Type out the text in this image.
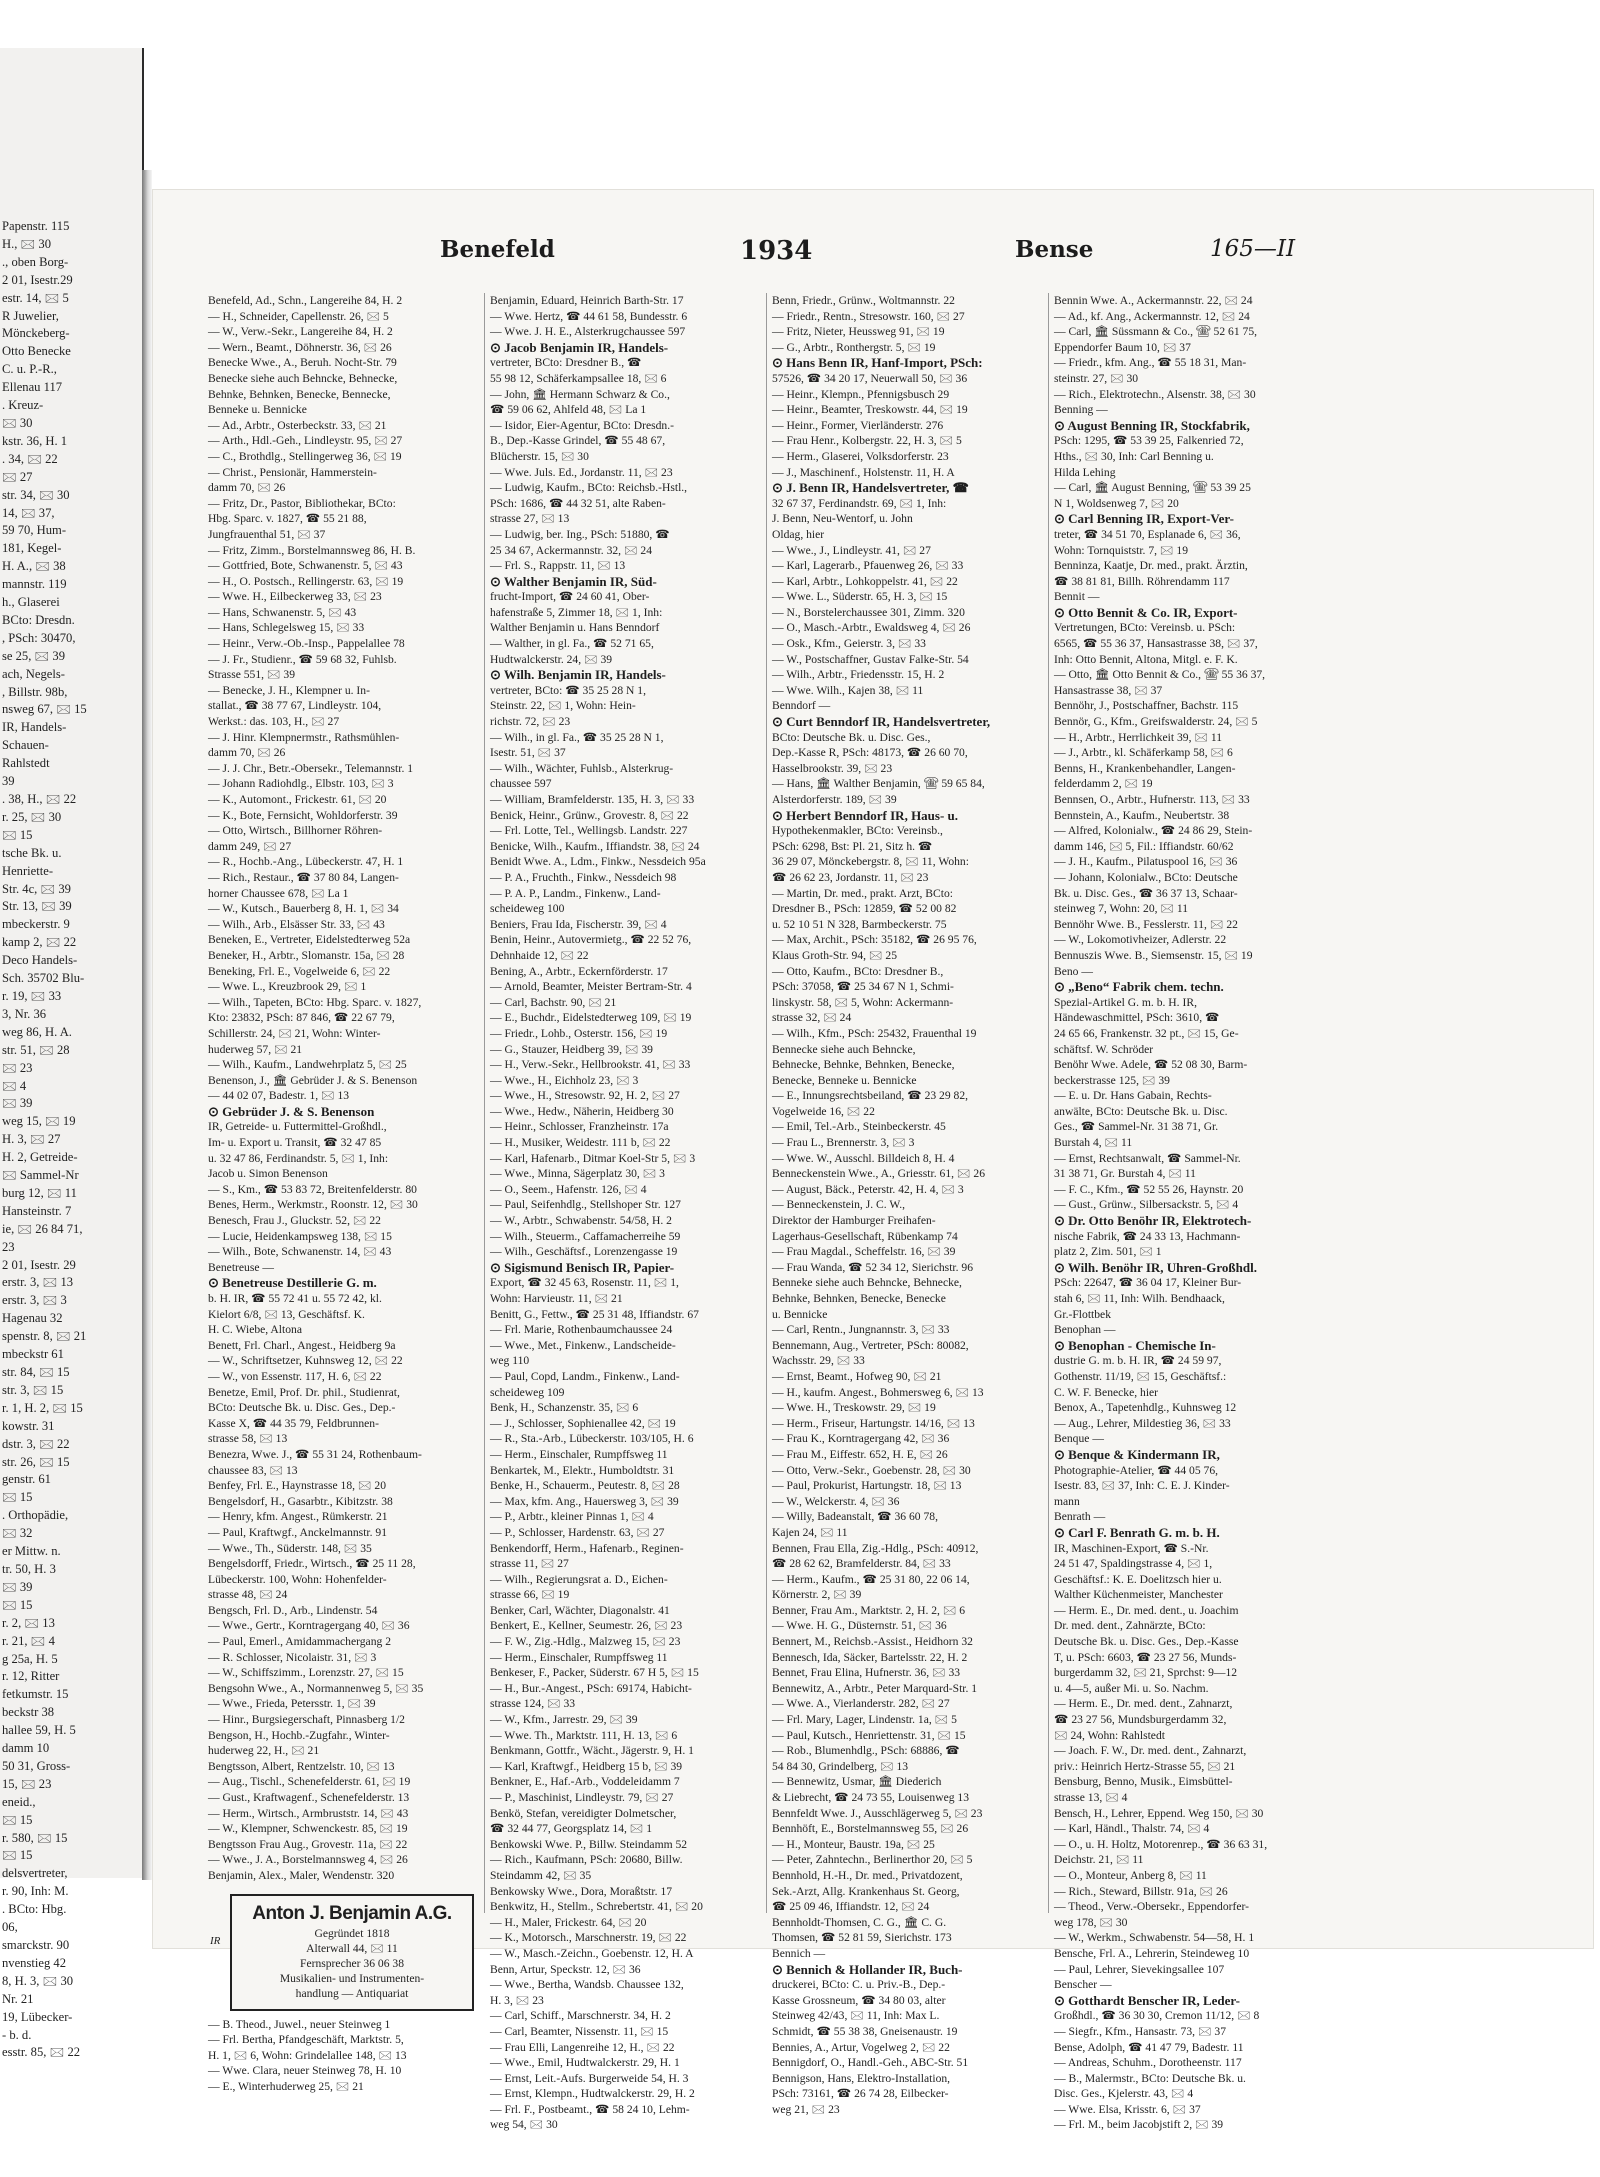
Papenstr. 115
H., 🖂 30
., oben Borg-
2 01, Isestr.29
estr. 14, 🖂 5
R Juwelier,
Mönckeberg-
Otto Benecke
C. u. P.-R.,
Ellenau 117
. Kreuz-
🖂 30
kstr. 36, H. 1
. 34, 🖂 22
🖂 27
str. 34, 🖂 30
14, 🖂 37,
59 70, Hum-
181, Kegel-
H. A., 🖂 38
mannstr. 119
h., Glaserei
BCto: Dresdn.
, PSch: 30470,
se 25, 🖂 39
ach, Negels-
, Billstr. 98b,
nsweg 67, 🖂 15
IR, Handels-
Schauen-
Rahlstedt
39
. 38, H., 🖂 22
r. 25, 🖂 30
🖂 15
tsche Bk. u.
Henriette-
Str. 4c, 🖂 39
Str. 13, 🖂 39
mbeckerstr. 9
kamp 2, 🖂 22
Deco Handels-
Sch. 35702 Blu-
r. 19, 🖂 33
3, Nr. 36
weg 86, H. A.
str. 51, 🖂 28
🖂 23
🖂 4
🖂 39
weg 15, 🖂 19
H. 3, 🖂 27
H. 2, Getreide-
🖂 Sammel-Nr
burg 12, 🖂 11
Hansteinstr. 7
ie, 🖂 26 84 71,
23
2 01, Isestr. 29
erstr. 3, 🖂 13
erstr. 3, 🖂 3
Hagenau 32
spenstr. 8, 🖂 21
mbeckstr 61
str. 84, 🖂 15
str. 3, 🖂 15
r. 1, H. 2, 🖂 15
kowstr. 31
dstr. 3, 🖂 22
str. 26, 🖂 15
genstr. 61
🖂 15
. Orthopädie,
🖂 32
er Mittw. n.
tr. 50, H. 3
🖂 39
🖂 15
r. 2, 🖂 13
r. 21, 🖂 4
g 25a, H. 5
r. 12, Ritter
fetkumstr. 15
beckstr 38
hallee 59, H. 5
damm 10
50 31, Gross-
15, 🖂 23
eneid.,
🖂 15
r. 580, 🖂 15
🖂 15
delsvertreter,
r. 90, Inh: M.
. BCto: Hbg.
06,
smarckstr. 90
nvenstieg 42
8, H. 3, 🖂 30
Nr. 21
19, Lübecker-
- b. d.
esstr. 85, 🖂 22
Benefeld	1934	Bense	165—II
Benefeld, Ad., Schn., Langereihe 84, H. 2
— H., Schneider, Capellenstr. 26, 🖂 5
— W., Verw.-Sekr., Langereihe 84, H. 2
— Wern., Beamt., Döhnerstr. 36, 🖂 26
Benecke Wwe., A., Beruh. Nocht-Str. 79
Benecke siehe auch Behncke, Behnecke,
Behnke, Behnken, Benecke, Bennecke,
Benneke u. Bennicke
— Ad., Arbtr., Osterbeckstr. 33, 🖂 21
— Arth., Hdl.-Geh., Lindleystr. 95, 🖂 27
— C., Brothdlg., Stellingerweg 36, 🖂 19
— Christ., Pensionär, Hammerstein-
damm 70, 🖂 26
— Fritz, Dr., Pastor, Bibliothekar, BCto:
Hbg. Sparc. v. 1827, ☎ 55 21 88,
Jungfrauenthal 51, 🖂 37
— Fritz, Zimm., Borstelmannsweg 86, H. B.
— Gottfried, Bote, Schwanenstr. 5, 🖂 43
— H., O. Postsch., Rellingerstr. 63, 🖂 19
— Wwe. H., Eilbeckerweg 33, 🖂 23
— Hans, Schwanenstr. 5, 🖂 43
— Hans, Schlegelsweg 15, 🖂 33
— Heinr., Verw.-Ob.-Insp., Pappelallee 78
— J. Fr., Studienr., ☎ 59 68 32, Fuhlsb.
Strasse 551, 🖂 39
— Benecke, J. H., Klempner u. In-
stallat., ☎ 38 77 67, Lindleystr. 104,
Werkst.: das. 103, H., 🖂 27
— J. Hinr. Klempnermstr., Rathsmühlen-
damm 70, 🖂 26
— J. J. Chr., Betr.-Obersekr., Telemannstr. 1
— Johann Radiohdlg., Elbstr. 103, 🖂 3
— K., Automont., Frickestr. 61, 🖂 20
— K., Bote, Fernsicht, Wohldorferstr. 39
— Otto, Wirtsch., Billhorner Röhren-
damm 249, 🖂 27
— R., Hochb.-Ang., Lübeckerstr. 47, H. 1
— Rich., Restaur., ☎ 37 80 84, Langen-
horner Chaussee 678, 🖂 La 1
— W., Kutsch., Bauerberg 8, H. 1, 🖂 34
— Wilh., Arb., Elsässer Str. 33, 🖂 43
Beneken, E., Vertreter, Eidelstedterweg 52a
Beneker, H., Arbtr., Slomanstr. 15a, 🖂 28
Beneking, Frl. E., Vogelweide 6, 🖂 22
— Wwe. L., Kreuzbrook 29, 🖂 1
— Wilh., Tapeten, BCto: Hbg. Sparc. v. 1827,
Kto: 23832, PSch: 87 846, ☎ 22 67 79,
Schillerstr. 24, 🖂 21, Wohn: Winter-
huderweg 57, 🖂 21
— Wilh., Kaufm., Landwehrplatz 5, 🖂 25
Benenson, J., 🏛 Gebrüder J. & S. Benenson
— 44 02 07, Badestr. 1, 🖂 13
⊙ Gebrüder J. & S. Benenson
IR, Getreide- u. Futtermittel-Großhdl.,
Im- u. Export u. Transit, ☎ 32 47 85
u. 32 47 86, Ferdinandstr. 5, 🖂 1, Inh:
Jacob u. Simon Benenson
— S., Km., ☎ 53 83 72, Breitenfelderstr. 80
Benes, Herm., Werkmstr., Roonstr. 12, 🖂 30
Benesch, Frau J., Gluckstr. 52, 🖂 22
— Lucie, Heidenkampsweg 138, 🖂 15
— Wilh., Bote, Schwanenstr. 14, 🖂 43
Benetreuse —
⊙ Benetreuse Destillerie G. m.
b. H. IR, ☎ 55 72 41 u. 55 72 42, kl.
Kielort 6/8, 🖂 13, Geschäftsf. K.
H. C. Wiebe, Altona
Benett, Frl. Charl., Angest., Heidberg 9a
— W., Schriftsetzer, Kuhnsweg 12, 🖂 22
— W., von Essenstr. 117, H. 6, 🖂 22
Benetze, Emil, Prof. Dr. phil., Studienrat,
BCto: Deutsche Bk. u. Disc. Ges., Dep.-
Kasse X, ☎ 44 35 79, Feldbrunnen-
strasse 58, 🖂 13
Benezra, Wwe. J., ☎ 55 31 24, Rothenbaum-
chaussee 83, 🖂 13
Benfey, Frl. E., Haynstrasse 18, 🖂 20
Bengelsdorf, H., Gasarbtr., Kibitzstr. 38
— Henry, kfm. Angest., Rümkerstr. 21
— Paul, Kraftwgf., Anckelmannstr. 91
— Wwe., Th., Süderstr. 148, 🖂 35
Bengelsdorff, Friedr., Wirtsch., ☎ 25 11 28,
Lübeckerstr. 100, Wohn: Hohenfelder-
strasse 48, 🖂 24
Bengsch, Frl. D., Arb., Lindenstr. 54
— Wwe., Gertr., Korntragergang 40, 🖂 36
— Paul, Emerl., Amidammachergang 2
— R. Schlosser, Nicolaistr. 31, 🖂 3
— W., Schiffszimm., Lorenzstr. 27, 🖂 15
Bengsohn Wwe., A., Normannenweg 5, 🖂 35
— Wwe., Frieda, Petersstr. 1, 🖂 39
— Hinr., Burgsiegerschaft, Pinnasberg 1/2
Bengson, H., Hochb.-Zugfahr., Winter-
huderweg 22, H., 🖂 21
Bengtsson, Albert, Rentzelstr. 10, 🖂 13
— Aug., Tischl., Schenefelderstr. 61, 🖂 19
— Gust., Kraftwagenf., Schenefelderstr. 13
— Herm., Wirtsch., Armbruststr. 14, 🖂 43
— W., Klempner, Schwenckestr. 85, 🖂 19
Bengtsson Frau Aug., Grovestr. 11a, 🖂 22
— Wwe., J. A., Borstelmannsweg 4, 🖂 26
Benjamin, Alex., Maler, Wendenstr. 320
IR
Anton J. Benjamin A.G.
Gegründet 1818
Alterwall 44, 🖂 11
Fernsprecher 36 06 38
Musikalien- und Instrumenten-
handlung — Antiquariat
— B. Theod., Juwel., neuer Steinweg 1
— Frl. Bertha, Pfandgeschäft, Marktstr. 5,
H. 1, 🖂 6, Wohn: Grindelallee 148, 🖂 13
— Wwe. Clara, neuer Steinweg 78, H. 10
— E., Winterhuderweg 25, 🖂 21
Benjamin, Eduard, Heinrich Barth-Str. 17
— Wwe. Hertz, ☎ 44 61 58, Bundesstr. 6
— Wwe. J. H. E., Alsterkrugchaussee 597
⊙ Jacob Benjamin IR, Handels-
vertreter, BCto: Dresdner B., ☎
55 98 12, Schäferkampsallee 18, 🖂 6
— John, 🏛 Hermann Schwarz & Co.,
☎ 59 06 62, Ahlfeld 48, 🖂 La 1
— Isidor, Eier-Agentur, BCto: Dresdn.-
B., Dep.-Kasse Grindel, ☎ 55 48 67,
Blücherstr. 15, 🖂 30
— Wwe. Juls. Ed., Jordanstr. 11, 🖂 23
— Ludwig, Kaufm., BCto: Reichsb.-Hstl.,
PSch: 1686, ☎ 44 32 51, alte Raben-
strasse 27, 🖂 13
— Ludwig, ber. Ing., PSch: 51880, ☎
25 34 67, Ackermannstr. 32, 🖂 24
— Frl. S., Rappstr. 11, 🖂 13
⊙ Walther Benjamin IR, Süd-
frucht-Import, ☎ 24 60 41, Ober-
hafenstraße 5, Zimmer 18, 🖂 1, Inh:
Walther Benjamin u. Hans Benndorf
— Walther, in gl. Fa., ☎ 52 71 65,
Hudtwalckerstr. 24, 🖂 39
⊙ Wilh. Benjamin IR, Handels-
vertreter, BCto: ☎ 35 25 28 N 1,
Steinstr. 22, 🖂 1, Wohn: Hein-
richstr. 72, 🖂 23
— Wilh., in gl. Fa., ☎ 35 25 28 N 1,
Isestr. 51, 🖂 37
— Wilh., Wächter, Fuhlsb., Alsterkrug-
chaussee 597
— William, Bramfelderstr. 135, H. 3, 🖂 33
Benick, Heinr., Grünw., Grovestr. 8, 🖂 22
— Frl. Lotte, Tel., Wellingsb. Landstr. 227
Benicke, Wilh., Kaufm., Iffiandstr. 38, 🖂 24
Benidt Wwe. A., Ldm., Finkw., Nessdeich 95a
— P. A., Fruchth., Finkw., Nessdeich 98
— P. A. P., Landm., Finkenw., Land-
scheideweg 100
Beniers, Frau Ida, Fischerstr. 39, 🖂 4
Benin, Heinr., Autovermietg., ☎ 22 52 76,
Dehnhaide 12, 🖂 22
Bening, A., Arbtr., Eckernförderstr. 17
— Arnold, Beamter, Meister Bertram-Str. 4
— Carl, Bachstr. 90, 🖂 21
— E., Buchdr., Eidelstedterweg 109, 🖂 19
— Friedr., Lohb., Osterstr. 156, 🖂 19
— G., Stauzer, Heidberg 39, 🖂 39
— H., Verw.-Sekr., Hellbrookstr. 41, 🖂 33
— Wwe., H., Eichholz 23, 🖂 3
— Wwe., H., Stresowstr. 92, H. 2, 🖂 27
— Wwe., Hedw., Näherin, Heidberg 30
— Heinr., Schlosser, Franzheinstr. 17a
— H., Musiker, Weidestr. 111 b, 🖂 22
— Karl, Hafenarb., Ditmar Koel-Str 5, 🖂 3
— Wwe., Minna, Sägerplatz 30, 🖂 3
— O., Seem., Hafenstr. 126, 🖂 4
— Paul, Seifenhdlg., Stellshoper Str. 127
— W., Arbtr., Schwabenstr. 54/58, H. 2
— Wilh., Steuerm., Caffamacherreihe 59
— Wilh., Geschäftsf., Lorenzengasse 19
⊙ Sigismund Benisch IR, Papier-
Export, ☎ 32 45 63, Rosenstr. 11, 🖂 1,
Wohn: Harvieustr. 11, 🖂 21
Benitt, G., Fettw., ☎ 25 31 48, Iffiandstr. 67
— Frl. Marie, Rothenbaumchaussee 24
— Wwe., Met., Finkenw., Landscheide-
weg 110
— Paul, Copd, Landm., Finkenw., Land-
scheideweg 109
Benk, H., Schanzenstr. 35, 🖂 6
— J., Schlosser, Sophienallee 42, 🖂 19
— R., Sta.-Arb., Lübeckerstr. 103/105, H. 6
— Herm., Einschaler, Rumpffsweg 11
Benkartek, M., Elektr., Humboldtstr. 31
Benke, H., Schauerm., Peutestr. 8, 🖂 28
— Max, kfm. Ang., Hauersweg 3, 🖂 39
— P., Arbtr., kleiner Pinnas 1, 🖂 4
— P., Schlosser, Hardenstr. 63, 🖂 27
Benkendorff, Herm., Hafenarb., Reginen-
strasse 11, 🖂 27
— Wilh., Regierungsrat a. D., Eichen-
strasse 66, 🖂 19
Benker, Carl, Wächter, Diagonalstr. 41
Benkert, E., Kellner, Seumestr. 26, 🖂 23
— F. W., Zig.-Hdlg., Malzweg 15, 🖂 23
— Herm., Einschaler, Rumpffsweg 11
Benkeser, F., Packer, Süderstr. 67 H 5, 🖂 15
— H., Bur.-Angest., PSch: 69174, Habicht-
strasse 124, 🖂 33
— W., Kfm., Jarrestr. 29, 🖂 39
— Wwe. Th., Marktstr. 111, H. 13, 🖂 6
Benkmann, Gottfr., Wächt., Jägerstr. 9, H. 1
— Karl, Kraftwgf., Heidberg 15 b, 🖂 39
Benkner, E., Haf.-Arb., Voddeleidamm 7
— P., Maschinist, Lindleystr. 79, 🖂 27
Benkö, Stefan, vereidigter Dolmetscher,
☎ 32 44 77, Georgsplatz 14, 🖂 1
Benkowski Wwe. P., Billw. Steindamm 52
— Rich., Kaufmann, PSch: 20680, Billw.
Steindamm 42, 🖂 35
Benkowsky Wwe., Dora, Moraßtstr. 17
Benkwitz, H., Stellm., Schrebertstr. 41, 🖂 20
— H., Maler, Frickestr. 64, 🖂 20
— K., Motorsch., Marschnerstr. 19, 🖂 22
— W., Masch.-Zeichn., Goebenstr. 12, H. A
Benn, Artur, Speckstr. 12, 🖂 36
— Wwe., Bertha, Wandsb. Chaussee 132,
H. 3, 🖂 23
— Carl, Schiff., Marschnerstr. 34, H. 2
— Carl, Beamter, Nissenstr. 11, 🖂 15
— Frau Elli, Langenreihe 12, H., 🖂 22
— Wwe., Emil, Hudtwalckerstr. 29, H. 1
— Ernst, Leit.-Aufs. Burgerweide 54, H. 3
— Ernst, Klempn., Hudtwalckerstr. 29, H. 2
— Frl. F., Postbeamt., ☎ 58 24 10, Lehm-
weg 54, 🖂 30
Benn, Friedr., Grünw., Woltmannstr. 22
— Friedr., Rentn., Stresowstr. 160, 🖂 27
— Fritz, Nieter, Heussweg 91, 🖂 19
— G., Arbtr., Ronthergstr. 5, 🖂 19
⊙ Hans Benn IR, Hanf-Import, PSch:
57526, ☎ 34 20 17, Neuerwall 50, 🖂 36
— Heinr., Klempn., Pfennigsbusch 29
— Heinr., Beamter, Treskowstr. 44, 🖂 19
— Heinr., Former, Vierländerstr. 276
— Frau Henr., Kolbergstr. 22, H. 3, 🖂 5
— Herm., Glaserei, Volksdorferstr. 23
— J., Maschinenf., Holstenstr. 11, H. A
⊙ J. Benn IR, Handelsvertreter, ☎
32 67 37, Ferdinandstr. 69, 🖂 1, Inh:
J. Benn, Neu-Wentorf, u. John
Oldag, hier
— Wwe., J., Lindleystr. 41, 🖂 27
— Karl, Lagerarb., Pfauenweg 26, 🖂 33
— Karl, Arbtr., Lohkoppelstr. 41, 🖂 22
— Wwe. L., Süderstr. 65, H. 3, 🖂 15
— N., Borstelerchaussee 301, Zimm. 320
— O., Masch.-Arbtr., Ewaldsweg 4, 🖂 26
— Osk., Kfm., Geierstr. 3, 🖂 33
— W., Postschaffner, Gustav Falke-Str. 54
— Wilh., Arbtr., Friedensstr. 15, H. 2
— Wwe. Wilh., Kajen 38, 🖂 11
Benndorf —
⊙ Curt Benndorf IR, Handelsvertreter,
BCto: Deutsche Bk. u. Disc. Ges.,
Dep.-Kasse R, PSch: 48173, ☎ 26 60 70,
Hasselbrookstr. 39, 🖂 23
— Hans, 🏛 Walther Benjamin, ☎ 59 65 84,
Alsterdorferstr. 189, 🖂 39
⊙ Herbert Benndorf IR, Haus- u.
Hypothekenmakler, BCto: Vereinsb.,
PSch: 6298, Bst: Pl. 21, Sitz h. ☎
36 29 07, Mönckebergstr. 8, 🖂 11, Wohn:
☎ 26 62 23, Jordanstr. 11, 🖂 23
— Martin, Dr. med., prakt. Arzt, BCto:
Dresdner B., PSch: 12859, ☎ 52 00 82
u. 52 10 51 N 328, Barmbeckerstr. 75
— Max, Archit., PSch: 35182, ☎ 26 95 76,
Klaus Groth-Str. 94, 🖂 25
— Otto, Kaufm., BCto: Dresdner B.,
PSch: 37058, ☎ 25 34 67 N 1, Schmi-
linskystr. 58, 🖂 5, Wohn: Ackermann-
strasse 32, 🖂 24
— Wilh., Kfm., PSch: 25432, Frauenthal 19
Bennecke siehe auch Behncke,
Behnecke, Behnke, Behnken, Benecke,
Benecke, Benneke u. Bennicke
— E., Innungsrechtsbeiland, ☎ 23 29 82,
Vogelweide 16, 🖂 22
— Emil, Tel.-Arb., Steinbeckerstr. 45
— Frau L., Brennerstr. 3, 🖂 3
— Wwe. W., Ausschl. Billdeich 8, H. 4
Benneckenstein Wwe., A., Griesstr. 61, 🖂 26
— August, Bäck., Peterstr. 42, H. 4, 🖂 3
— Benneckenstein, J. C. W.,
Direktor der Hamburger Freihafen-
Lagerhaus-Gesellschaft, Rübenkamp 74
— Frau Magdal., Scheffelstr. 16, 🖂 39
— Frau Wanda, ☎ 52 34 12, Sierichstr. 96
Benneke siehe auch Behncke, Behnecke,
Behnke, Behnken, Benecke, Benecke
u. Bennicke
— Carl, Rentn., Jungnannstr. 3, 🖂 33
Bennemann, Aug., Vertreter, PSch: 80082,
Wachsstr. 29, 🖂 33
— Ernst, Beamt., Hofweg 90, 🖂 21
— H., kaufm. Angest., Bohmersweg 6, 🖂 13
— Wwe. H., Treskowstr. 29, 🖂 19
— Herm., Friseur, Hartungstr. 14/16, 🖂 13
— Frau K., Korntragergang 42, 🖂 36
— Frau M., Eiffestr. 652, H. E, 🖂 26
— Otto, Verw.-Sekr., Goebenstr. 28, 🖂 30
— Paul, Prokurist, Hartungstr. 18, 🖂 13
— W., Welckerstr. 4, 🖂 36
— Willy, Badeanstalt, ☎ 36 60 78,
Kajen 24, 🖂 11
Bennen, Frau Ella, Zig.-Hdlg., PSch: 40912,
☎ 28 62 62, Bramfelderstr. 84, 🖂 33
— Herm., Kaufm., ☎ 25 31 80, 22 06 14,
Körnerstr. 2, 🖂 39
Benner, Frau Am., Marktstr. 2, H. 2, 🖂 6
— Wwe. H. G., Düsternstr. 51, 🖂 36
Bennert, M., Reichsb.-Assist., Heidhorn 32
Bennesch, Ida, Säcker, Bartelsstr. 22, H. 2
Bennet, Frau Elina, Hufnerstr. 36, 🖂 33
Bennewitz, A., Arbtr., Peter Marquard-Str. 1
— Wwe. A., Vierlanderstr. 282, 🖂 27
— Frl. Mary, Lager, Lindenstr. 1a, 🖂 5
— Paul, Kutsch., Henriettenstr. 31, 🖂 15
— Rob., Blumenhdlg., PSch: 68886, ☎
54 84 30, Grindelberg, 🖂 13
— Bennewitz, Usmar, 🏛 Diederich
& Liebrecht, ☎ 24 73 55, Louisenweg 13
Bennfeldt Wwe. J., Ausschlägerweg 5, 🖂 23
Bennhöft, E., Borstelmannsweg 55, 🖂 26
— H., Monteur, Baustr. 19a, 🖂 25
— Peter, Zahntechn., Berlinerthor 20, 🖂 5
Bennhold, H.-H., Dr. med., Privatdozent,
Sek.-Arzt, Allg. Krankenhaus St. Georg,
☎ 25 09 46, Iffiandstr. 12, 🖂 24
Bennholdt-Thomsen, C. G., 🏛 C. G.
Thomsen, ☎ 52 81 59, Sierichstr. 173
Bennich —
⊙ Bennich & Hollander IR, Buch-
druckerei, BCto: C. u. Priv.-B., Dep.-
Kasse Grossneum, ☎ 34 80 03, alter
Steinweg 42/43, 🖂 11, Inh: Max L.
Schmidt, ☎ 55 38 38, Gneisenaustr. 19
Bennies, A., Artur, Vogelweg 2, 🖂 22
Bennigdorf, O., Handl.-Geh., ABC-Str. 51
Bennigson, Hans, Elektro-Installation,
PSch: 73161, ☎ 26 74 28, Eilbecker-
weg 21, 🖂 23
Bennin Wwe. A., Ackermannstr. 22, 🖂 24
— Ad., kf. Ang., Ackermannstr. 12, 🖂 24
— Carl, 🏛 Süssmann & Co., ☎ 52 61 75,
Eppendorfer Baum 10, 🖂 37
— Friedr., kfm. Ang., ☎ 55 18 31, Man-
steinstr. 27, 🖂 30
— Rich., Elektrotechn., Alsenstr. 38, 🖂 30
Benning —
⊙ August Benning IR, Stockfabrik,
PSch: 1295, ☎ 53 39 25, Falkenried 72,
Hths., 🖂 30, Inh: Carl Benning u.
Hilda Lehing
— Carl, 🏛 August Benning, ☎ 53 39 25
N 1, Woldsenweg 7, 🖂 20
⊙ Carl Benning IR, Export-Ver-
treter, ☎ 34 51 70, Esplanade 6, 🖂 36,
Wohn: Tornquiststr. 7, 🖂 19
Benninza, Kaatje, Dr. med., prakt. Ärztin,
☎ 38 81 81, Billh. Röhrendamm 117
Bennit —
⊙ Otto Bennit & Co. IR, Export-
Vertretungen, BCto: Vereinsb. u. PSch:
6565, ☎ 55 36 37, Hansastrasse 38, 🖂 37,
Inh: Otto Bennit, Altona, Mitgl. e. F. K.
— Otto, 🏛 Otto Bennit & Co., ☎ 55 36 37,
Hansastrasse 38, 🖂 37
Bennöhr, J., Postschaffner, Bachstr. 115
Bennör, G., Kfm., Greifswalderstr. 24, 🖂 5
— H., Arbtr., Herrlichkeit 39, 🖂 11
— J., Arbtr., kl. Schäferkamp 58, 🖂 6
Benns, H., Krankenbehandler, Langen-
felderdamm 2, 🖂 19
Bennsen, O., Arbtr., Hufnerstr. 113, 🖂 33
Bennstein, A., Kaufm., Neubertstr. 38
— Alfred, Kolonialw., ☎ 24 86 29, Stein-
damm 146, 🖂 5, Fil.: Iffiandstr. 60/62
— J. H., Kaufm., Pilatuspool 16, 🖂 36
— Johann, Kolonialw., BCto: Deutsche
Bk. u. Disc. Ges., ☎ 36 37 13, Schaar-
steinweg 7, Wohn: 20, 🖂 11
Bennöhr Wwe. B., Fesslerstr. 11, 🖂 22
— W., Lokomotivheizer, Adlerstr. 22
Bennuszis Wwe. B., Siemsenstr. 15, 🖂 19
Beno —
⊙ „Beno“ Fabrik chem. techn.
Spezial-Artikel G. m. b. H. IR,
Händewaschmittel, PSch: 3610, ☎
24 65 66, Frankenstr. 32 pt., 🖂 15, Ge-
schäftsf. W. Schröder
Benöhr Wwe. Adele, ☎ 52 08 30, Barm-
beckerstrasse 125, 🖂 39
— E. u. Dr. Hans Gabain, Rechts-
anwälte, BCto: Deutsche Bk. u. Disc.
Ges., ☎ Sammel-Nr. 31 38 71, Gr.
Burstah 4, 🖂 11
— Ernst, Rechtsanwalt, ☎ Sammel-Nr.
31 38 71, Gr. Burstah 4, 🖂 11
— F. C., Kfm., ☎ 52 55 26, Haynstr. 20
— Gust., Grünw., Silbersackstr. 5, 🖂 4
⊙ Dr. Otto Benöhr IR, Elektrotech-
nische Fabrik, ☎ 24 33 13, Hachmann-
platz 2, Zim. 501, 🖂 1
⊙ Wilh. Benöhr IR, Uhren-Großhdl.
PSch: 22647, ☎ 36 04 17, Kleiner Bur-
stah 6, 🖂 11, Inh: Wilh. Bendhaack,
Gr.-Flottbek
Benophan —
⊙ Benophan - Chemische In-
dustrie G. m. b. H. IR, ☎ 24 59 97,
Gothenstr. 11/19, 🖂 15, Geschäftsf.:
C. W. F. Benecke, hier
Benox, A., Tapetenhdlg., Kuhnsweg 12
— Aug., Lehrer, Mildestieg 36, 🖂 33
Benque —
⊙ Benque & Kindermann IR,
Photographie-Atelier, ☎ 44 05 76,
Isestr. 83, 🖂 37, Inh: C. E. J. Kinder-
mann
Benrath —
⊙ Carl F. Benrath G. m. b. H.
IR, Maschinen-Export, ☎ S.-Nr.
24 51 47, Spaldingstrasse 4, 🖂 1,
Geschäftsf.: K. E. Doelitzsch hier u.
Walther Küchenmeister, Manchester
— Herm. E., Dr. med. dent., u. Joachim
Dr. med. dent., Zahnärzte, BCto:
Deutsche Bk. u. Disc. Ges., Dep.-Kasse
T, u. PSch: 6603, ☎ 23 27 56, Munds-
burgerdamm 32, 🖂 21, Sprchst: 9—12
u. 4—5, außer Mi. u. So. Nachm.
— Herm. E., Dr. med. dent., Zahnarzt,
☎ 23 27 56, Mundsburgerdamm 32,
🖂 24, Wohn: Rahlstedt
— Joach. F. W., Dr. med. dent., Zahnarzt,
priv.: Heinrich Hertz-Strasse 55, 🖂 21
Bensburg, Benno, Musik., Eimsbüttel-
strasse 13, 🖂 4
Bensch, H., Lehrer, Eppend. Weg 150, 🖂 30
— Karl, Händl., Thalstr. 74, 🖂 4
— O., u. H. Holtz, Motorenrep., ☎ 36 63 31,
Deichstr. 21, 🖂 11
— O., Monteur, Anberg 8, 🖂 11
— Rich., Steward, Billstr. 91a, 🖂 26
— Theod., Verw.-Obersekr., Eppendorfer-
weg 178, 🖂 30
— W., Werkm., Schwabenstr. 54—58, H. 1
Bensche, Frl. A., Lehrerin, Steindeweg 10
— Paul, Lehrer, Sievekingsallee 107
Benscher —
⊙ Gotthardt Benscher IR, Leder-
Großhdl., ☎ 36 30 30, Cremon 11/12, 🖂 8
— Siegfr., Kfm., Hansastr. 73, 🖂 37
Bense, Adolph, ☎ 41 47 79, Badestr. 11
— Andreas, Schuhm., Dorotheenstr. 117
— B., Malermstr., BCto: Deutsche Bk. u.
Disc. Ges., Kjelerstr. 43, 🖂 4
— Wwe. Elsa, Krisstr. 6, 🖂 37
— Frl. M., beim Jacobjstift 2, 🖂 39
